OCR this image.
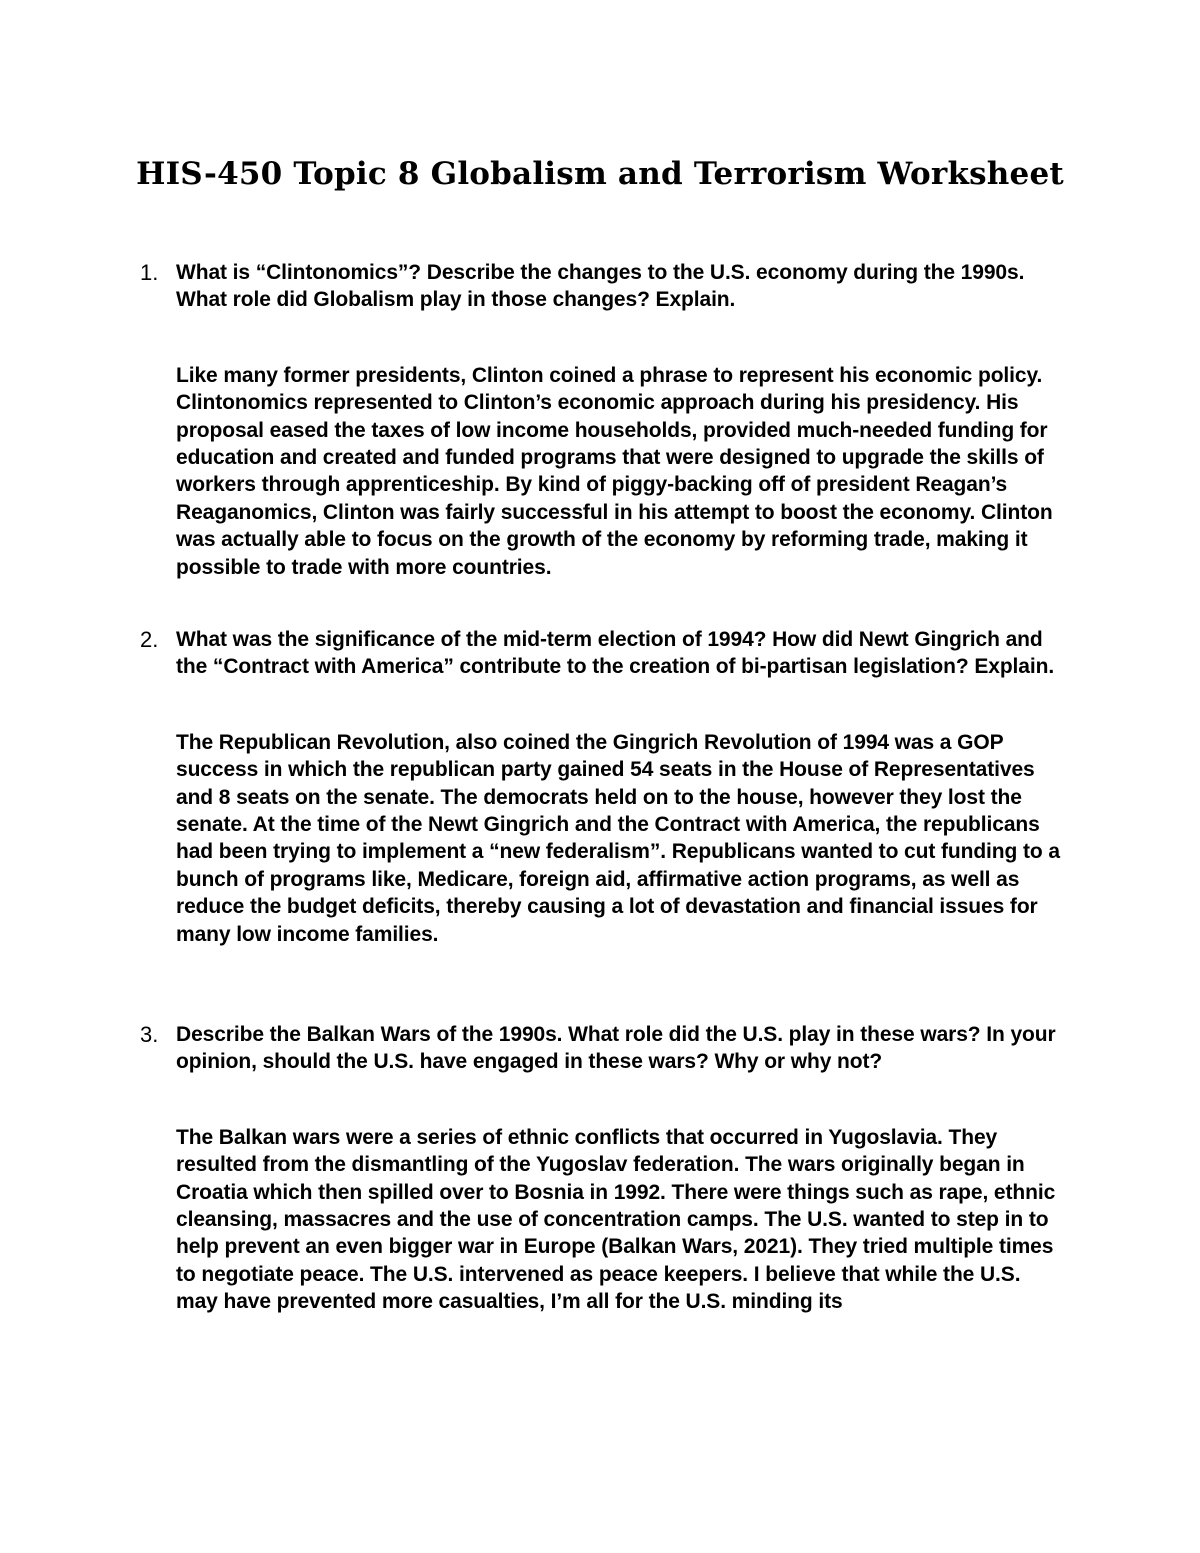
HIS-450 Topic 8 Globalism and Terrorism Worksheet
1. What is “Clintonomics”? Describe the changes to the U.S. economy during the 1990s. What role did Globalism play in those changes? Explain.

Like many former presidents, Clinton coined a phrase to represent his economic policy. Clintonomics represented to Clinton’s economic approach during his presidency. His proposal eased the taxes of low income households, provided much-needed funding for education and created and funded programs that were designed to upgrade the skills of workers through apprenticeship. By kind of piggy-backing off of president Reagan’s Reaganomics, Clinton was fairly successful in his attempt to boost the economy. Clinton was actually able to focus on the growth of the economy by reforming trade, making it possible to trade with more countries.

2. What was the significance of the mid-term election of 1994? How did Newt Gingrich and the “Contract with America” contribute to the creation of bi-partisan legislation? Explain.

The Republican Revolution, also coined the Gingrich Revolution of 1994 was a GOP success in which the republican party gained 54 seats in the House of Representatives and 8 seats on the senate. The democrats held on to the house, however they lost the senate. At the time of the Newt Gingrich and the Contract with America, the republicans had been trying to implement a “new federalism”. Republicans wanted to cut funding to a bunch of programs like, Medicare, foreign aid, affirmative action programs, as well as reduce the budget deficits, thereby causing a lot of devastation and financial issues for many low income families.

3. Describe the Balkan Wars of the 1990s. What role did the U.S. play in these wars? In your opinion, should the U.S. have engaged in these wars? Why or why not?

The Balkan wars were a series of ethnic conflicts that occurred in Yugoslavia. They resulted from the dismantling of the Yugoslav federation. The wars originally began in Croatia which then spilled over to Bosnia in 1992. There were things such as rape, ethnic cleansing, massacres and the use of concentration camps. The U.S. wanted to step in to help prevent an even bigger war in Europe (Balkan Wars, 2021). They tried multiple times to negotiate peace. The U.S. intervened as peace keepers. I believe that while the U.S. may have prevented more casualties, I’m all for the U.S. minding its
